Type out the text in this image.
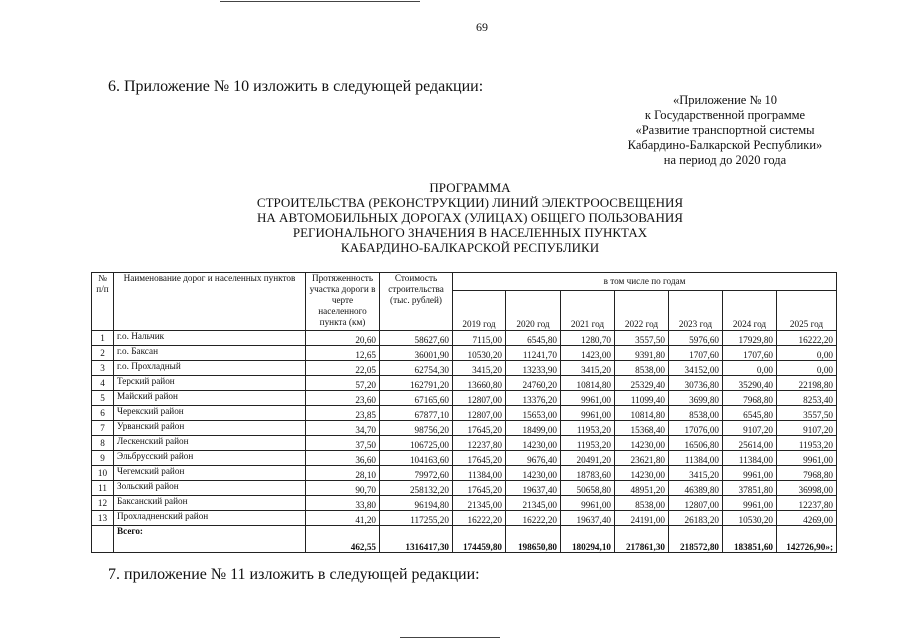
69
6. Приложение № 10 изложить в следующей редакции:
«Приложение № 10
к Государственной программе
«Развитие транспортной системы
Кабардино-Балкарской Республики»
на период до 2020 года
ПРОГРАММА
СТРОИТЕЛЬСТВА (РЕКОНСТРУКЦИИ) ЛИНИЙ ЭЛЕКТРООСВЕЩЕНИЯ
НА АВТОМОБИЛЬНЫХ ДОРОГАХ (УЛИЦАХ) ОБЩЕГО ПОЛЬЗОВАНИЯ
РЕГИОНАЛЬНОГО ЗНАЧЕНИЯ В НАСЕЛЕННЫХ ПУНКТАХ
КАБАРДИНО-БАЛКАРСКОЙ РЕСПУБЛИКИ
№ п/п	Наименование дорог и населенных пунктов	Протяженность участка дороги в черте населенного пункта (км)	Стоимость строительства (тыс. рублей)	в том числе по годам						
				2019 год	2020 год	2021 год	2022 год	2023 год	2024 год	2025 год
1	г.о. Нальчик	20,60	58627,60	7115,00	6545,80	1280,70	3557,50	5976,60	17929,80	16222,20
2	г.о. Баксан	12,65	36001,90	10530,20	11241,70	1423,00	9391,80	1707,60	1707,60	0,00
3	г.о. Прохладный	22,05	62754,30	3415,20	13233,90	3415,20	8538,00	34152,00	0,00	0,00
4	Терский район	57,20	162791,20	13660,80	24760,20	10814,80	25329,40	30736,80	35290,40	22198,80
5	Майский район	23,60	67165,60	12807,00	13376,20	9961,00	11099,40	3699,80	7968,80	8253,40
6	Черекский район	23,85	67877,10	12807,00	15653,00	9961,00	10814,80	8538,00	6545,80	3557,50
7	Урванский район	34,70	98756,20	17645,20	18499,00	11953,20	15368,40	17076,00	9107,20	9107,20
8	Лескенский район	37,50	106725,00	12237,80	14230,00	11953,20	14230,00	16506,80	25614,00	11953,20
9	Эльбрусский район	36,60	104163,60	17645,20	9676,40	20491,20	23621,80	11384,00	11384,00	9961,00
10	Чегемский район	28,10	79972,60	11384,00	14230,00	18783,60	14230,00	3415,20	9961,00	7968,80
11	Зольский район	90,70	258132,20	17645,20	19637,40	50658,80	48951,20	46389,80	37851,80	36998,00
12	Баксанский район	33,80	96194,80	21345,00	21345,00	9961,00	8538,00	12807,00	9961,00	12237,80
13	Прохладненский район	41,20	117255,20	16222,20	16222,20	19637,40	24191,00	26183,20	10530,20	4269,00
	Всего:	462,55	1316417,30	174459,80	198650,80	180294,10	217861,30	218572,80	183851,60	142726,90»;
7. приложение № 11 изложить в следующей редакции:
